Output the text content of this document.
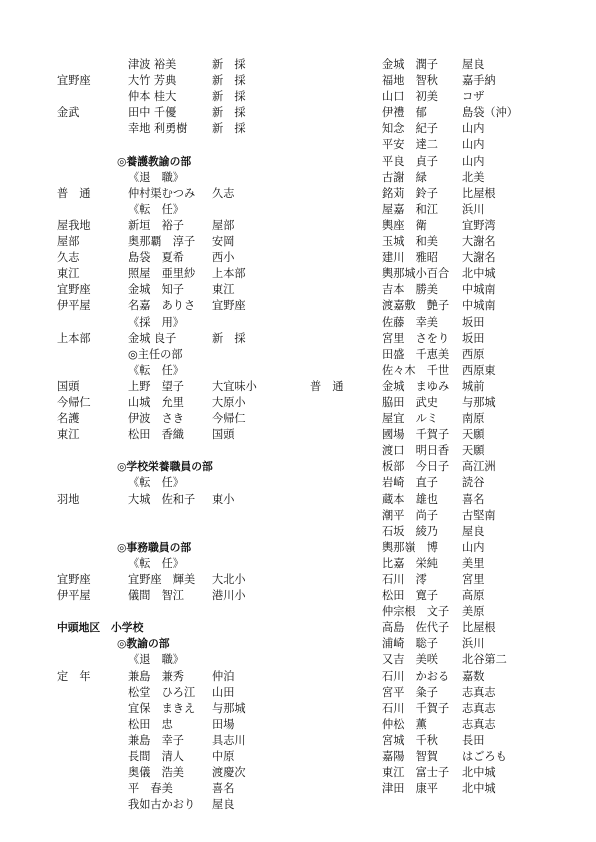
津波 裕美	新　採
宜野座	大竹 芳典	新　採
仲本 桂大	新　採
金武	田中 千優	新　採
幸地 利勇樹 新　採
◎養護教諭の部
《退　職》
普　通	仲村渠むつみ 久志
《転　任》
屋我地	新垣　裕子	屋部
屋部	奥那覇　淳子 安岡
久志	島袋　夏希	西小
東江	照屋　亜里紗 上本部
宜野座	金城　知子	東江
伊平屋	名嘉　ありさ 宜野座
《採　用》
上本部	金城 良子	新　採
◎主任の部
《転　任》
国頭	上野　望子	大宜味小	普　通
今帰仁	山城　允里	大原小
名護	伊波　さき	今帰仁
東江	松田　香織	国頭
◎学校栄養職員の部
《転　任》
羽地	大城　佐和子 東小
◎事務職員の部
《転　任》
宜野座	宜野座　輝美 大北小
伊平屋	儀間　智江	港川小
中頭地区　小学校
◎教諭の部
《退　職》
定　年	兼島　兼秀	仲泊
松堂　ひろ江 山田
宜保　まきえ 与那城
松田　忠	田場
兼島　幸子	具志川
長間　清人	中原
奥儀　浩美	渡慶次
平　春美	喜名
我如古かおり 屋良
金城　潤子 屋良
福地　智秋 嘉手納
山口　初美 コザ
伊禮　郁	島袋（沖）
知念　紀子 山内
平安　達二 山内
平良　貞子 山内
古謝　緑	北美
銘苅　鈴子 比屋根
屋嘉　和江 浜川
輿座　衛	宜野湾
玉城　和美 大謝名
建川　雅昭 大謝名
輿那城小百合 北中城
吉本　勝美 中城南
渡嘉敷　艶子 中城南
佐藤　幸美 坂田
宮里　さをり 坂田
田盛　千恵美 西原
佐々木　千世 西原東
金城　まゆみ 城前
脇田　武史 与那城
屋宜　ルミ 南原
國場　千賀子 天願
渡口　明日香 天願
板部　今日子 高江洲
岩崎　直子 読谷
蔵本　雄也 喜名
潮平　尚子 古堅南
石坂　綾乃 屋良
輿那嶺　博 山内
比嘉　栄純 美里
石川　澪	宮里
松田　寛子 高原
仲宗根　文子 美原
高島　佐代子 比屋根
浦崎　聡子 浜川
又吉　美咲 北谷第二
石川　かおる 嘉数
宮平　粂子 志真志
石川　千賀子 志真志
仲松　薫	志真志
宮城　千秋 長田
嘉陽　智賀 はごろも
東江　富士子 北中城
津田　康平 北中城
